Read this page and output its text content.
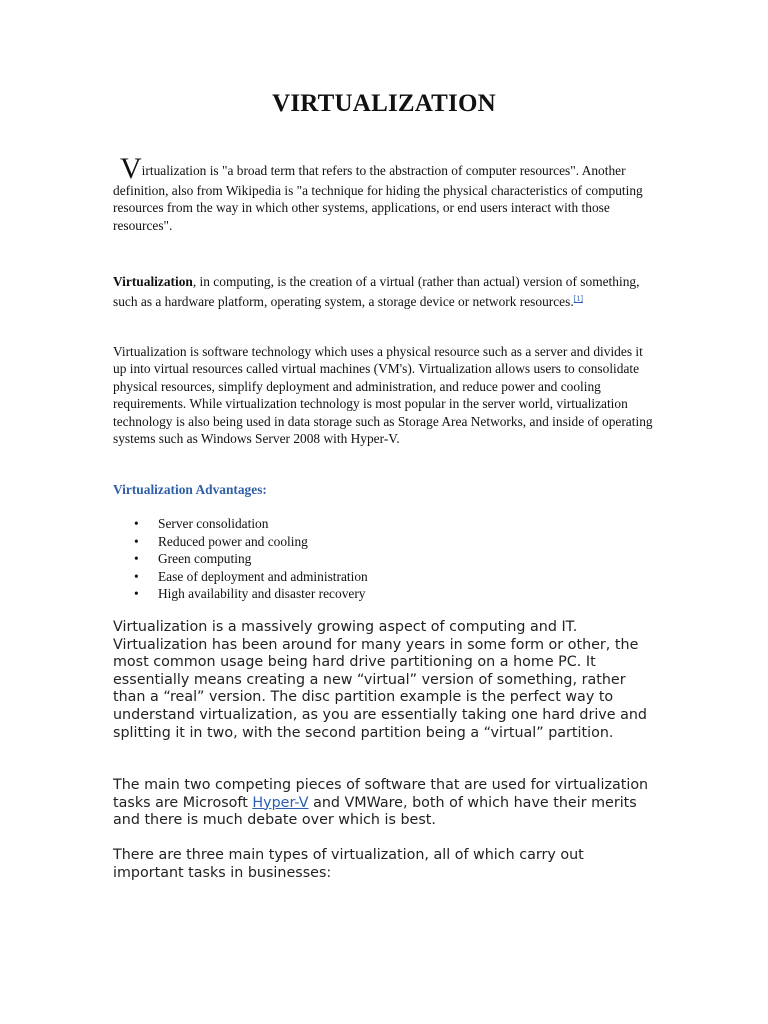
VIRTUALIZATION
Virtualization is "a broad term that refers to the abstraction of computer resources". Another definition, also from Wikipedia is "a technique for hiding the physical characteristics of computing resources from the way in which other systems, applications, or end users interact with those resources".
Virtualization, in computing, is the creation of a virtual (rather than actual) version of something, such as a hardware platform, operating system, a storage device or network resources.[1]
Virtualization is software technology which uses a physical resource such as a server and divides it up into virtual resources called virtual machines (VM's). Virtualization allows users to consolidate physical resources, simplify deployment and administration, and reduce power and cooling requirements. While virtualization technology is most popular in the server world, virtualization technology is also being used in data storage such as Storage Area Networks, and inside of operating systems such as Windows Server 2008 with Hyper-V.
Virtualization Advantages:
• Server consolidation
• Reduced power and cooling
• Green computing
• Ease of deployment and administration
• High availability and disaster recovery
Virtualization is a massively growing aspect of computing and IT. Virtualization has been around for many years in some form or other, the most common usage being hard drive partitioning on a home PC. It essentially means creating a new “virtual” version of something, rather than a “real” version. The disc partition example is the perfect way to understand virtualization, as you are essentially taking one hard drive and splitting it in two, with the second partition being a “virtual” partition.
The main two competing pieces of software that are used for virtualization tasks are Microsoft Hyper-V and VMWare, both of which have their merits and there is much debate over which is best.
There are three main types of virtualization, all of which carry out important tasks in businesses:
